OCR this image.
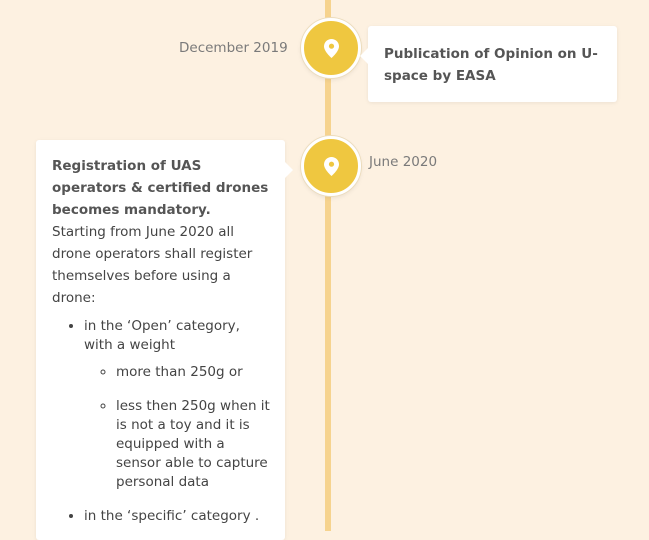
December 2019	Publication of Opinion on U-space by EASA
June 2020

Registration of UAS operators & certified drones becomes mandatory.  Starting from June 2020 all drone operators shall register themselves before using a drone:

• in the ‘Open’ category, with a weight
◦ more than 250g or
◦ less then 250g when it is not a toy and it is equipped with a sensor able to capture personal data
• in the ‘specific’ category .
